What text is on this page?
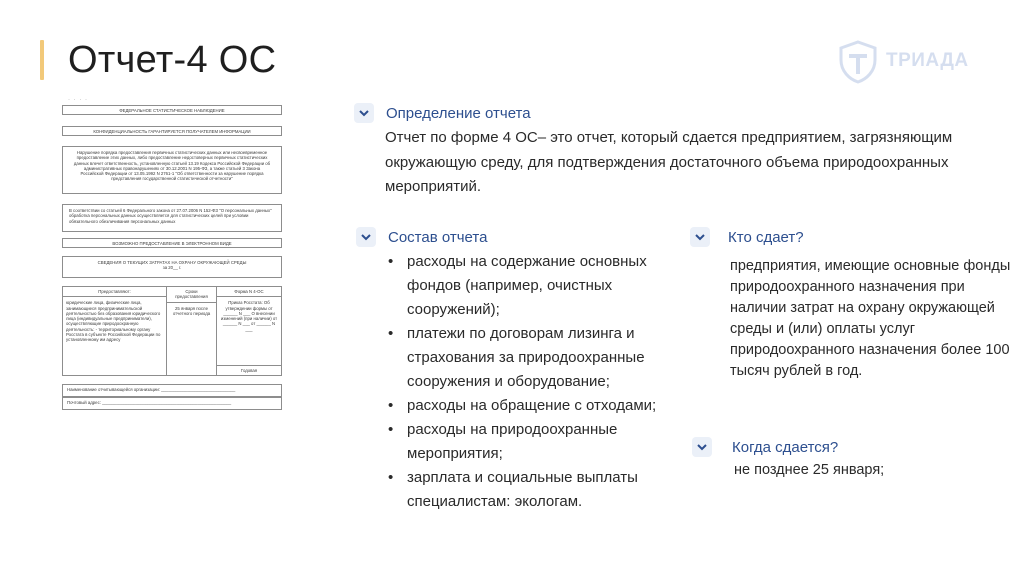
Отчет-4 ОС	ТРИАДА
· · · ·
ФЕДЕРАЛЬНОЕ СТАТИСТИЧЕСКОЕ НАБЛЮДЕНИЕ
КОНФИДЕНЦИАЛЬНОСТЬ ГАРАНТИРУЕТСЯ ПОЛУЧАТЕЛЕМ ИНФОРМАЦИИ
Нарушение порядка предоставления первичных статистических данных или несвоевременное предоставление этих данных, либо предоставление недостоверных первичных статистических данных влечет ответственность, установленную статьей 13.19 Кодекса Российской Федерации об административных правонарушениях от 30.12.2001 N 195-ФЗ, а также статьей 3 Закона Российской Федерации от 13.05.1992 N 2761-1 "Об ответственности за нарушение порядка представления государственной статистической отчетности"
В соответствии со статьей 6 Федерального закона от 27.07.2006 N 152-ФЗ "О персональных данных" обработка персональных данных осуществляется для статистических целей при условии обязательного обезличивания персональных данных
ВОЗМОЖНО ПРЕДОСТАВЛЕНИЕ В ЭЛЕКТРОННОМ ВИДЕ
СВЕДЕНИЯ О ТЕКУЩИХ ЗАТРАТАХ НА ОХРАНУ ОКРУЖАЮЩЕЙ СРЕДЫ
за 20__ г.
Предоставляют:
юридические лица, физические лица, занимающиеся предпринимательской деятельностью без образования юридического лица (индивидуальные предприниматели), осуществляющие природоохранную деятельность: - территориальному органу Росстата в субъекте Российской Федерации по установленному им адресу
Сроки предоставления
25 января после отчетного периода
Форма N 4-ОС
Приказ Росстата: Об утверждении формы от ______ N ___ О внесении изменений (при наличии) от ______ N ___ от ______ N ___
Годовая
Наименование отчитывающейся организации: _______________________________
Почтовый адрес: ______________________________________________________
Определение отчета
Отчет по форме 4 ОС– это отчет, который сдается предприятием, загрязняющим окружающую среду, для подтверждения достаточного объема природоохранных мероприятий.
Состав отчета
• расходы на содержание основных фондов (например, очистных сооружений);
• платежи по договорам лизинга и страхования за природоохранные сооружения и оборудование;
• расходы на обращение с отходами;
• расходы на природоохранные мероприятия;
• зарплата и социальные выплаты специалистам: экологам.
Кто сдает?
предприятия, имеющие основные фонды природоохранного назначения при наличии затрат на охрану окружающей среды и (или) оплаты услуг природоохранного назначения более 100 тысяч рублей в год.
Когда сдается?
не позднее 25 января;
